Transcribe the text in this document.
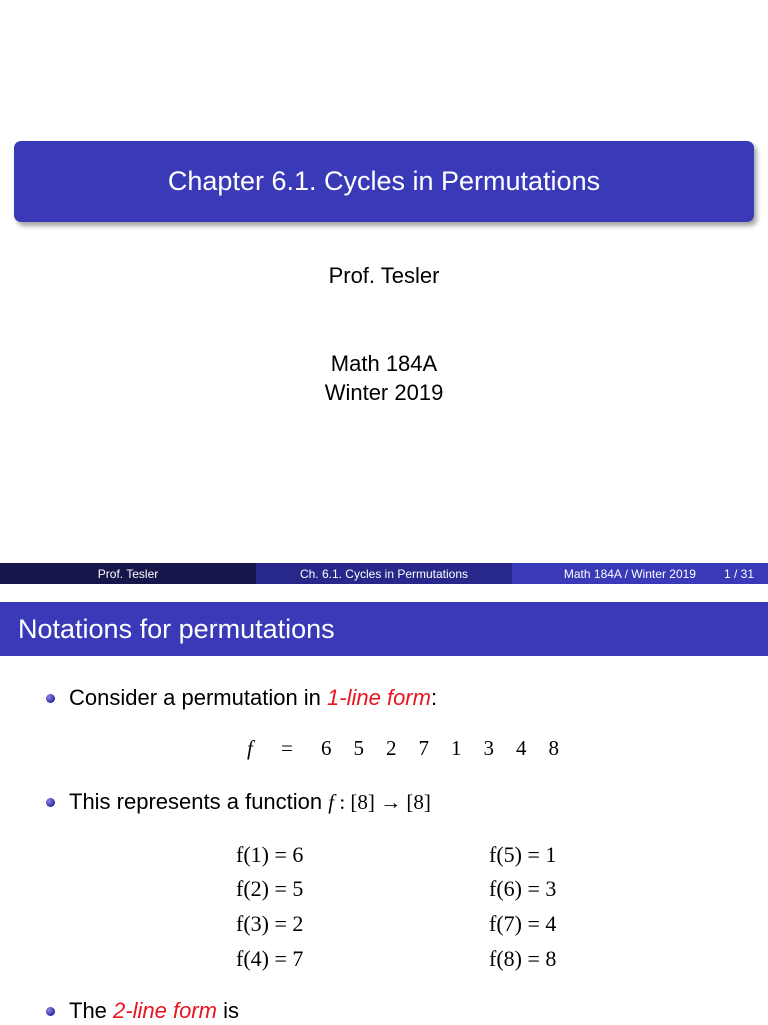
Chapter 6.1. Cycles in Permutations
Prof. Tesler
Math 184A
Winter 2019
Prof. Tesler	Ch. 6.1. Cycles in Permutations	Math 184A / Winter 2019 1 / 31
Notations for permutations
Consider a permutation in 1-line form:
f = 6 5 2 7 1 3 4 8
This represents a function f : [8] → [8]
f(1) = 6
f(2) = 5
f(3) = 2
f(4) = 7
f(5) = 1
f(6) = 3
f(7) = 4
f(8) = 8
The 2-line form is
